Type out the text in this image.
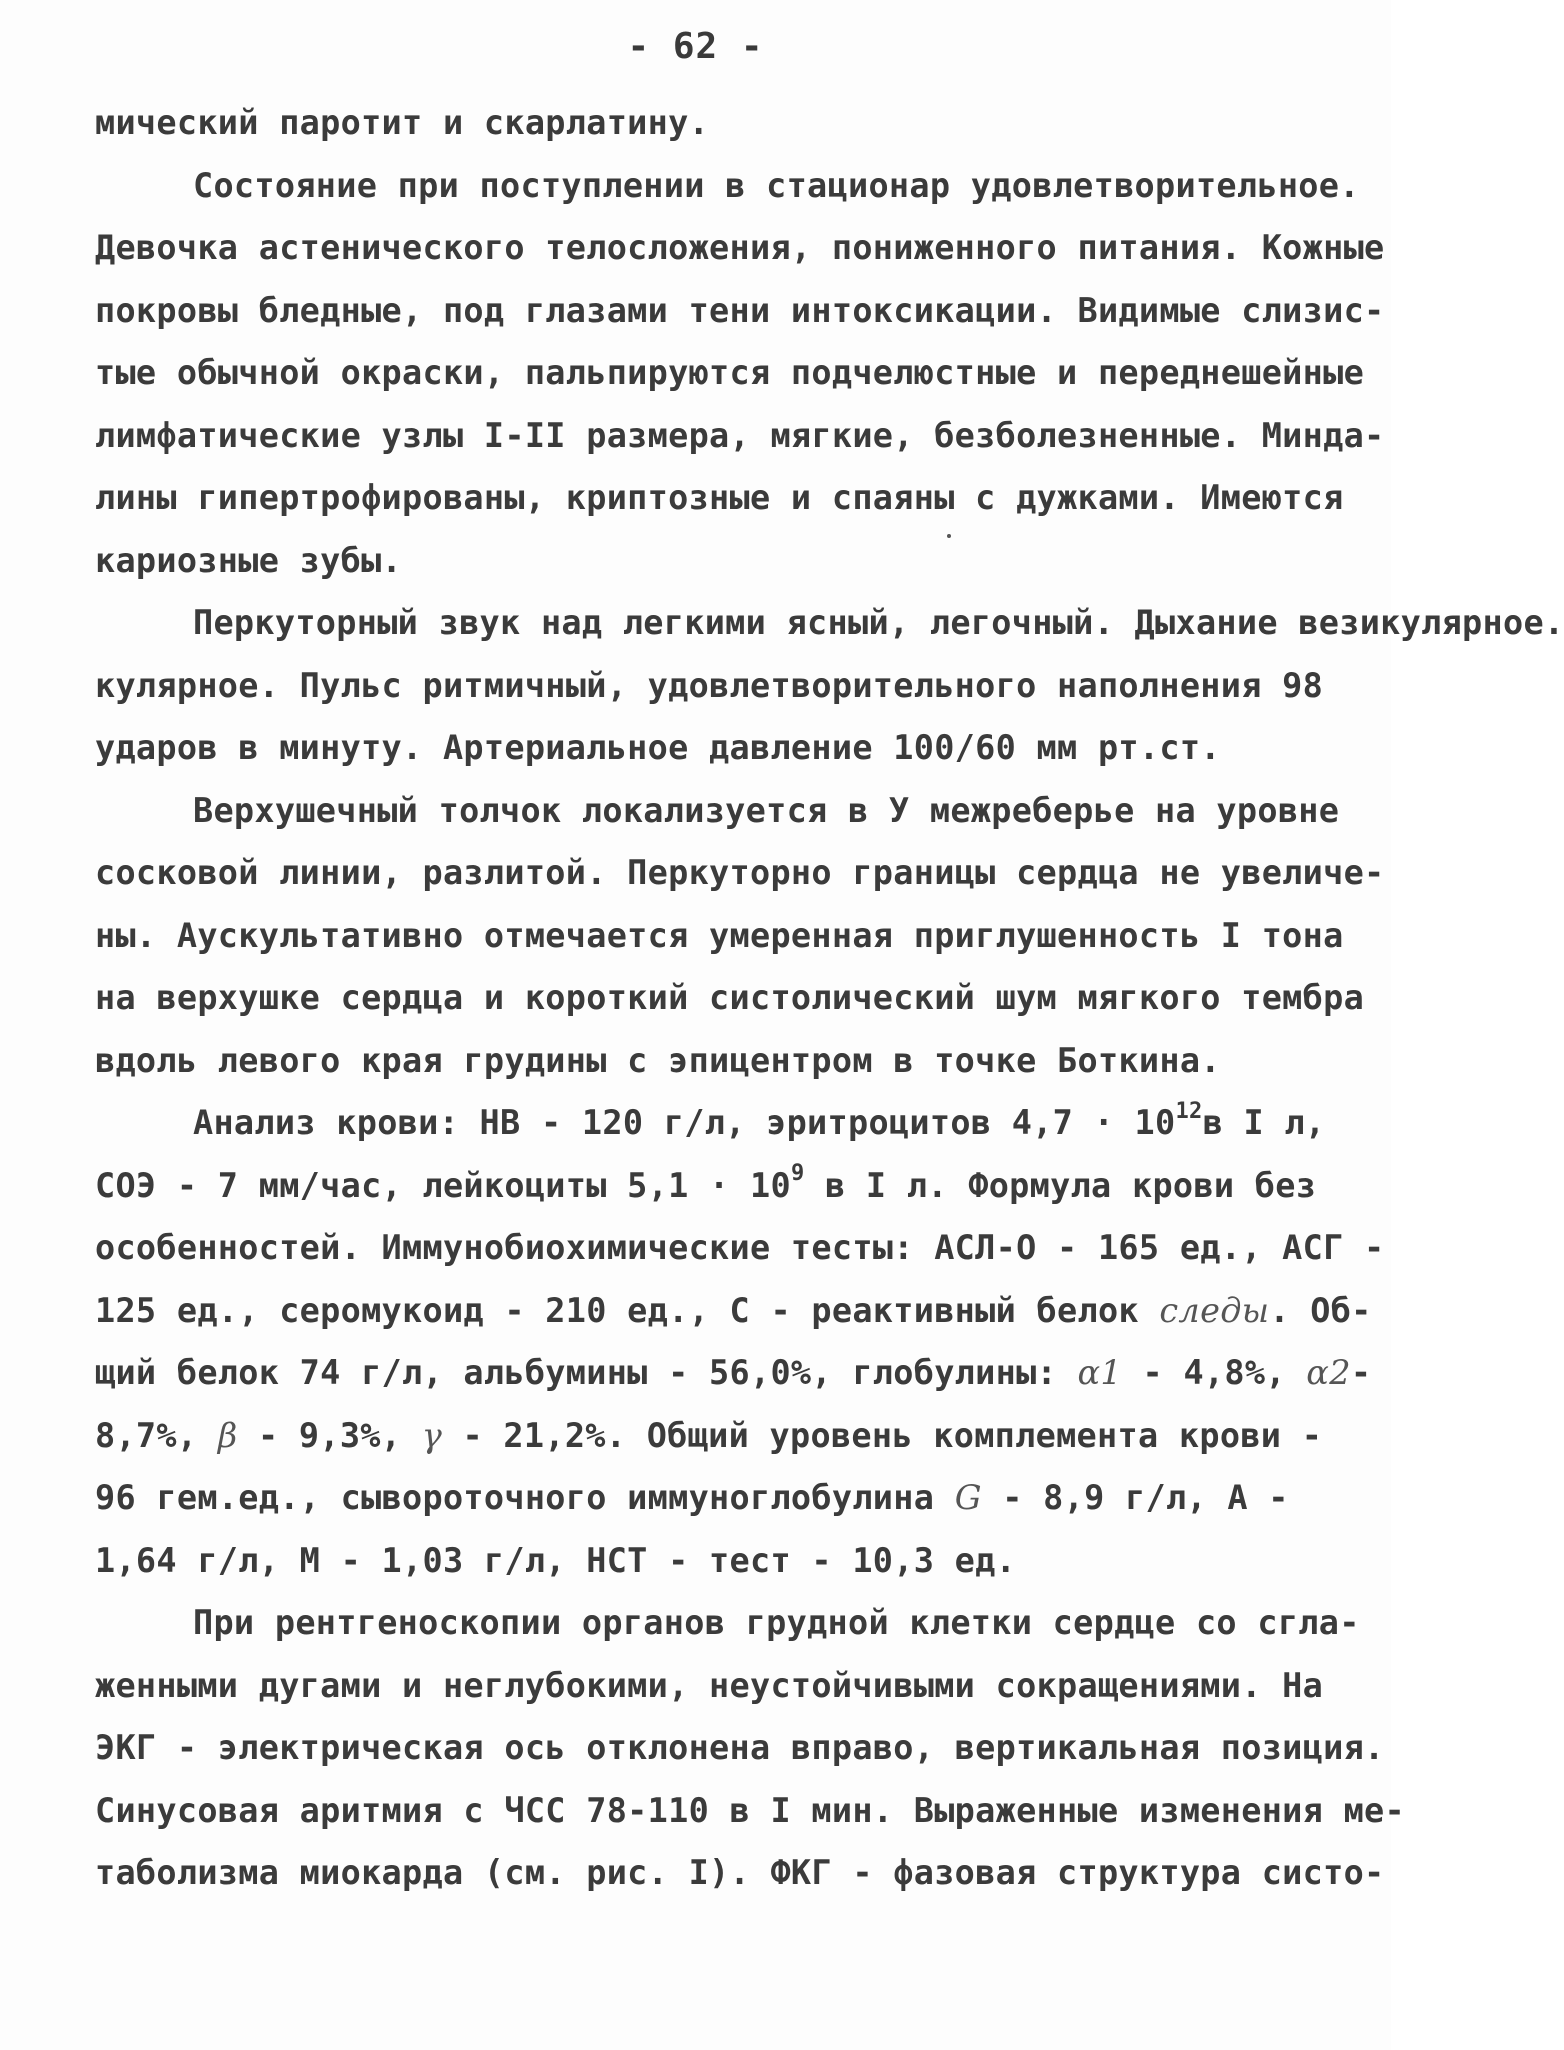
- 62 -
мический паротит и скарлатину.
Состояние при поступлении в стационар удовлетворительное.
Девочка астенического телосложения, пониженного питания. Кожные
покровы бледные, под глазами тени интоксикации. Видимые слизис-
тые обычной окраски, пальпируются подчелюстные и переднешейные
лимфатические узлы I-II размера, мягкие, безболезненные. Минда-
лины гипертрофированы, криптозные и спаяны с дужками. Имеются
кариозные зубы.
Перкуторный звук над легкими ясный, легочный. Дыхание везикулярное.
кулярное. Пульс ритмичный, удовлетворительного наполнения 98
ударов в минуту. Артериальное давление 100/60 мм рт.ст.
Верхушечный толчок локализуется в У межреберье на уровне
сосковой линии, разлитой. Перкуторно границы сердца не увеличе-
ны. Аускультативно отмечается умеренная приглушенность I тона
на верхушке сердца и короткий систолический шум мягкого тембра
вдоль левого края грудины с эпицентром в точке Боткина.
Анализ крови: НВ - 120 г/л, эритроцитов $4,7 \cdot 10^{12}в$ I л,
СОЭ - 7 мм/час, лейкоциты $5,1 \cdot 10^9$ в I л. Формула крови без
особенностей. Иммунобиохимические тесты: АСЛ-О - 165 ед., АСГ -
125 ед., серомукоид - 210 ед., С - реактивный белок следы. Об-
щий белок 74 г/л, альбумины - 56,0%, глобулины: α1 - 4,8%, α2-
8,7%, β - 9,3%, γ - 21,2%. Общий уровень комплемента крови -
96 гем.ед., сывороточного иммуноглобулина G - 8,9 г/л, А -
1,64 г/л, М - 1,03 г/л, НСТ - тест - 10,3 ед.
При рентгеноскопии органов грудной клетки сердце со сгла-
женными дугами и неглубокими, неустойчивыми сокращениями. На
ЭКГ - электрическая ось отклонена вправо, вертикальная позиция.
Синусовая аритмия с ЧСС 78-110 в I мин. Выраженные изменения ме-
таболизма миокарда (см. рис. I). ФКГ - фазовая структура систо-
